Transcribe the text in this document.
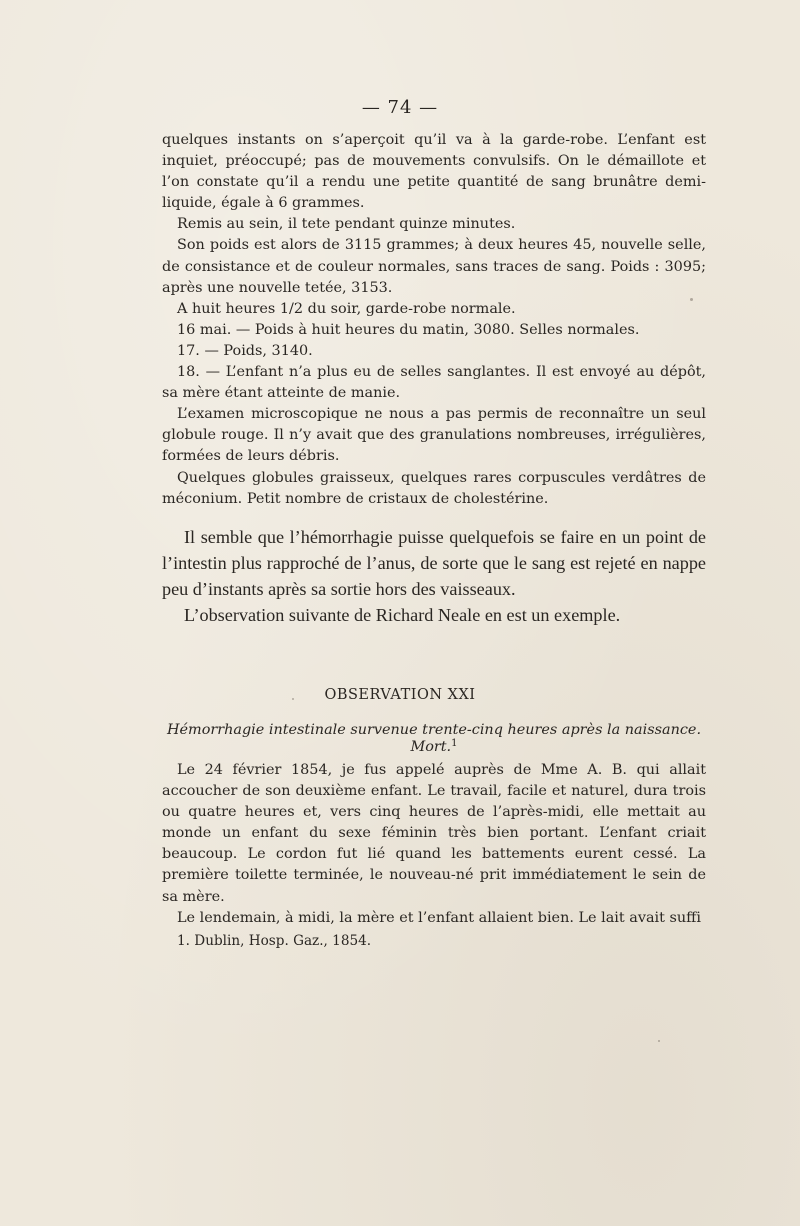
— 74 —

quelques instants on s’aperçoit qu’il va à la garde-robe. L’enfant est inquiet, préoccupé; pas de mouvements convulsifs. On le démaillote et l’on constate qu’il a rendu une petite quantité de sang brunâtre demi-liquide, égale à 6 grammes.

Remis au sein, il tete pendant quinze minutes.

Son poids est alors de 3115 grammes; à deux heures 45, nouvelle selle, de consistance et de couleur normales, sans traces de sang. Poids : 3095; après une nouvelle tetée, 3153.

A huit heures 1/2 du soir, garde-robe normale.

16 mai. — Poids à huit heures du matin, 3080. Selles normales.

17. — Poids, 3140.

18. — L’enfant n’a plus eu de selles sanglantes. Il est envoyé au dépôt, sa mère étant atteinte de manie.

L’examen microscopique ne nous a pas permis de reconnaître un seul globule rouge. Il n’y avait que des granulations nombreuses, irrégulières, formées de leurs débris.

Quelques globules graisseux, quelques rares corpuscules verdâtres de méconium. Petit nombre de cristaux de cholestérine.

Il semble que l’hémorrhagie puisse quelquefois se faire en un point de l’intestin plus rapproché de l’anus, de sorte que le sang est rejeté en nappe peu d’instants après sa sortie hors des vaisseaux.

L’observation suivante de Richard Neale en est un exemple.

OBSERVATION XXI
Hémorrhagie intestinale survenue trente-cinq heures après la naissance. Mort.$^1$

Le 24 février 1854, je fus appelé auprès de Mme A. B. qui allait accoucher de son deuxième enfant. Le travail, facile et naturel, dura trois ou quatre heures et, vers cinq heures de l’après-midi, elle mettait au monde un enfant du sexe féminin très bien portant. L’enfant criait beaucoup. Le cordon fut lié quand les battements eurent cessé. La première toilette terminée, le nouveau-né prit immédiatement le sein de sa mère.

Le lendemain, à midi, la mère et l’enfant allaient bien. Le lait avait suffi

1. Dublin, Hosp. Gaz., 1854.
